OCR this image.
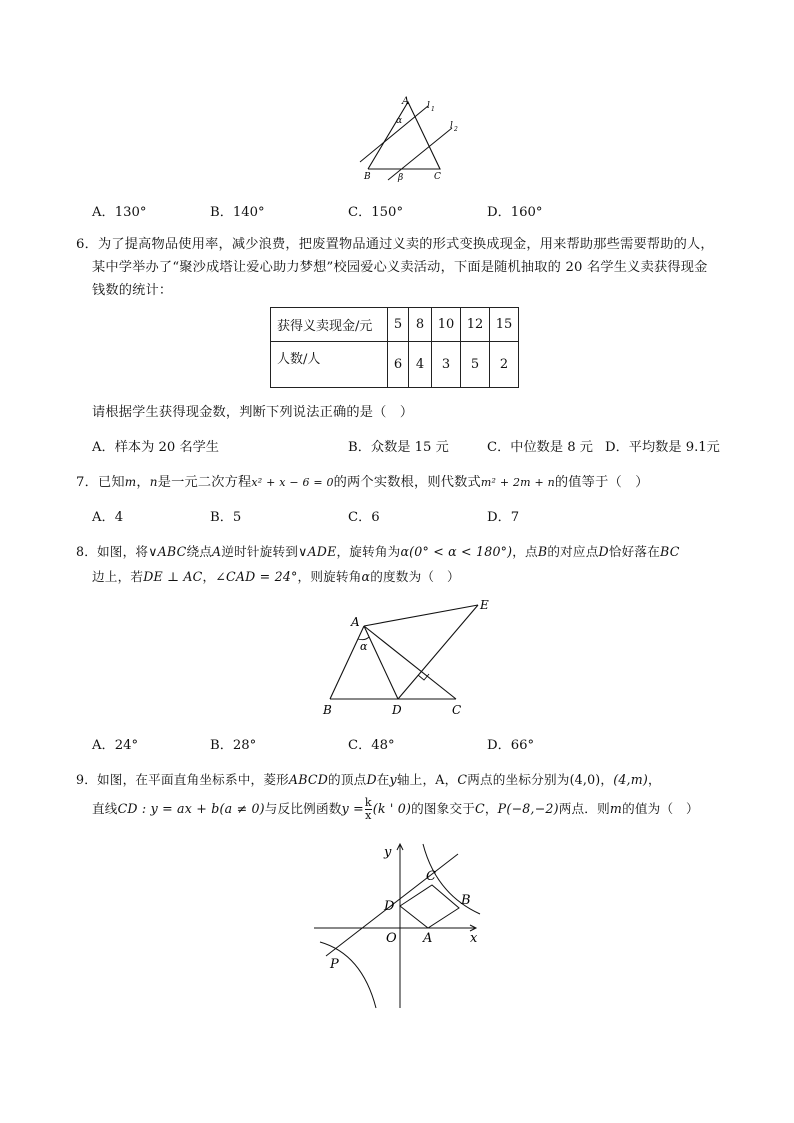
A l 1
l 2
α
B	β	C
A．130°	B．140°	C．150°	D．160°
6．为了提高物品使用率，减少浪费，把废置物品通过义卖的形式变换成现金，用来帮助那些需要帮助的人，
某中学举办了“聚沙成塔让爱心助力梦想”校园爱心义卖活动，下面是随机抽取的 20 名学生义卖获得现金
钱数的统计：
获得义卖现金/元	5	8	10	12	15
人数/人	6	4	3	5	2
请根据学生获得现金数，判断下列说法正确的是（　）
A．样本为 20 名学生	B．众数是 15 元	C．中位数是 8 元 D．平均数是 9.1元
7．已知m，n是一元二次方程x² + x − 6 = 0的两个实数根，则代数式m² + 2m + n的值等于（　）
A．4	B．5	C．6	D．7
8．如图，将∨ABC绕点A逆时针旋转到∨ADE，旋转角为α(0° < α < 180°)，点B的对应点D恰好落在BC
边上，若DE ⊥ AC，∠CAD = 24°，则旋转角α的度数为（　）
A
α
B	D	C
E
A．24°	B．28°	C．48°	D．66°
9．如图，在平面直角坐标系中，菱形ABCD的顶点D在y轴上，A，C两点的坐标分别为(4,0)，(4,m)，
直线CD : y = ax + b(a ≠ 0)与反比例函数$y = \frac{k}{x} (k$ ' 0)的图象交于C，P(−8,−2)两点．则m的值为（　）
y
x
O
D
A
B
C
P
